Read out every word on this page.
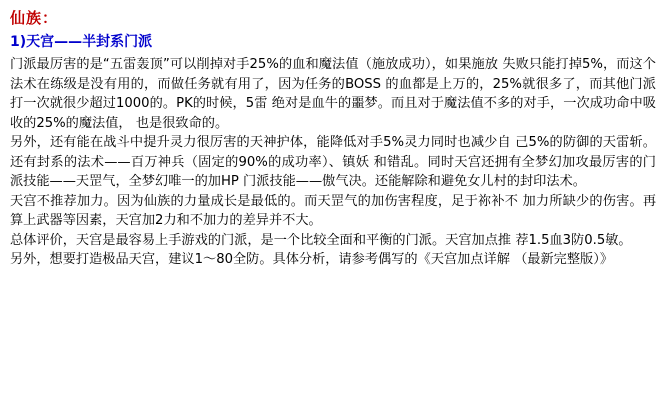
仙族：
1)天宫——半封系门派

门派最厉害的是“五雷轰顶”可以削掉对手25%的血和魔法值（施放成功），如果施放 失败只能打掉5%，而这个法术在练级是没有用的，而做任务就有用了，因为任务的BOSS 的血都是上万的，25%就很多了，而其他门派打一次就很少超过1000的。PK的时候，5雷 绝对是血牛的噩梦。而且对于魔法值不多的对手，一次成功命中吸收的25%的魔法值， 也是很致命的。

另外，还有能在战斗中提升灵力很厉害的天神护体，能降低对手5%灵力同时也减少自 己5%的防御的天雷斩。还有封系的法术——百万神兵（固定的90%的成功率）、镇妖 和错乱。同时天宫还拥有全梦幻加攻最厉害的门派技能——天罡气，全梦幻唯一的加HP 门派技能——傲气决。还能解除和避免女儿村的封印法术。

天宫不推荐加力。因为仙族的力量成长是最低的。而天罡气的加伤害程度，足于祢补不 加力所缺少的伤害。再算上武器等因素，天宫加2力和不加力的差异并不大。

总体评价，天宫是最容易上手游戏的门派，是一个比较全面和平衡的门派。天宫加点推 荐1.5血3防0.5敏。

另外，想要打造极品天宫，建议1～80全防。具体分析，请参考偶写的《天宫加点详解 （最新完整版）》
